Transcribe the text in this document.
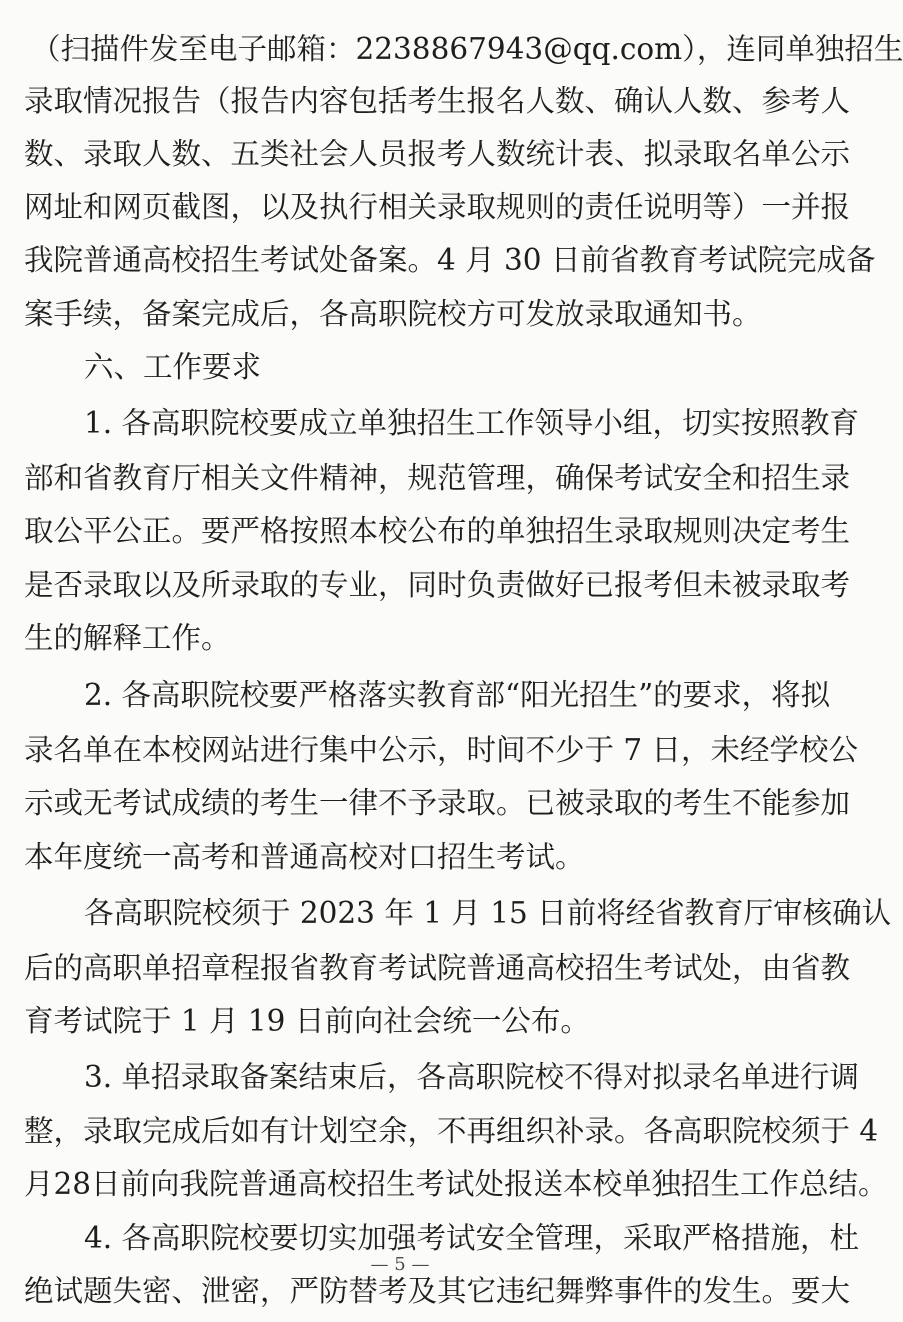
（扫描件发至电子邮箱：2238867943@qq.com），连同单独招生
录取情况报告（报告内容包括考生报名人数、确认人数、参考人
数、录取人数、五类社会人员报考人数统计表、拟录取名单公示
网址和网页截图，以及执行相关录取规则的责任说明等）一并报
我院普通高校招生考试处备案。4 月 30 日前省教育考试院完成备
案手续，备案完成后，各高职院校方可发放录取通知书。
六、工作要求
1. 各高职院校要成立单独招生工作领导小组，切实按照教育
部和省教育厅相关文件精神，规范管理，确保考试安全和招生录
取公平公正。要严格按照本校公布的单独招生录取规则决定考生
是否录取以及所录取的专业，同时负责做好已报考但未被录取考
生的解释工作。
2. 各高职院校要严格落实教育部“阳光招生”的要求，将拟
录名单在本校网站进行集中公示，时间不少于 7 日，未经学校公
示或无考试成绩的考生一律不予录取。已被录取的考生不能参加
本年度统一高考和普通高校对口招生考试。
各高职院校须于 2023 年 1 月 15 日前将经省教育厅审核确认
后的高职单招章程报省教育考试院普通高校招生考试处，由省教
育考试院于 1 月 19 日前向社会统一公布。
3. 单招录取备案结束后，各高职院校不得对拟录名单进行调
整，录取完成后如有计划空余，不再组织补录。各高职院校须于 4
月28日前向我院普通高校招生考试处报送本校单独招生工作总结。
4. 各高职院校要切实加强考试安全管理，采取严格措施，杜
绝试题失密、泄密，严防替考及其它违纪舞弊事件的发生。要大
— 5 —
